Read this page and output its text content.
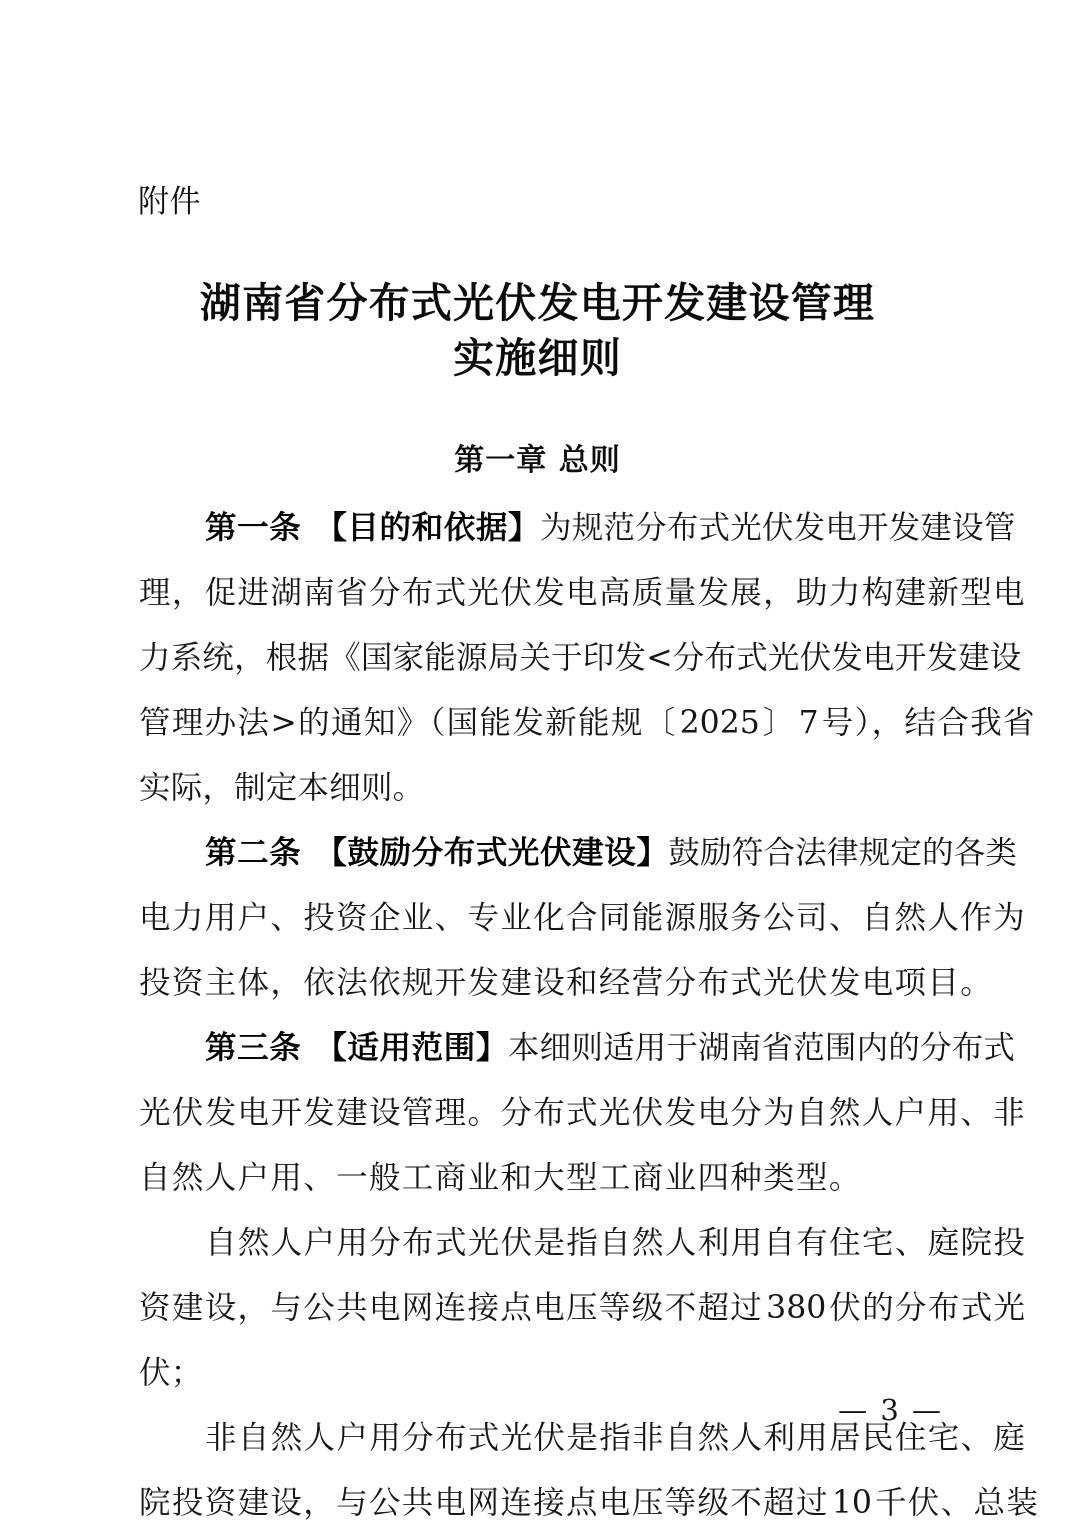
附件
湖南省分布式光伏发电开发建设管理
实施细则
第一章 总则
第一条 【目的和依据】为规范分布式光伏发电开发建设管
理，促进湖南省分布式光伏发电高质量发展，助力构建新型电
力系统，根据《国家能源局关于印发<分布式光伏发电开发建设
管理办法>的通知》（国能发新能规〔2025〕7号），结合我省
实际，制定本细则。
第二条 【鼓励分布式光伏建设】鼓励符合法律规定的各类
电力用户、投资企业、专业化合同能源服务公司、自然人作为
投资主体，依法依规开发建设和经营分布式光伏发电项目。
第三条 【适用范围】本细则适用于湖南省范围内的分布式
光伏发电开发建设管理。分布式光伏发电分为自然人户用、非
自然人户用、一般工商业和大型工商业四种类型。
自然人户用分布式光伏是指自然人利用自有住宅、庭院投
资建设，与公共电网连接点电压等级不超过380伏的分布式光
伏；
非自然人户用分布式光伏是指非自然人利用居民住宅、庭
院投资建设，与公共电网连接点电压等级不超过10千伏、总装
— 3 —
